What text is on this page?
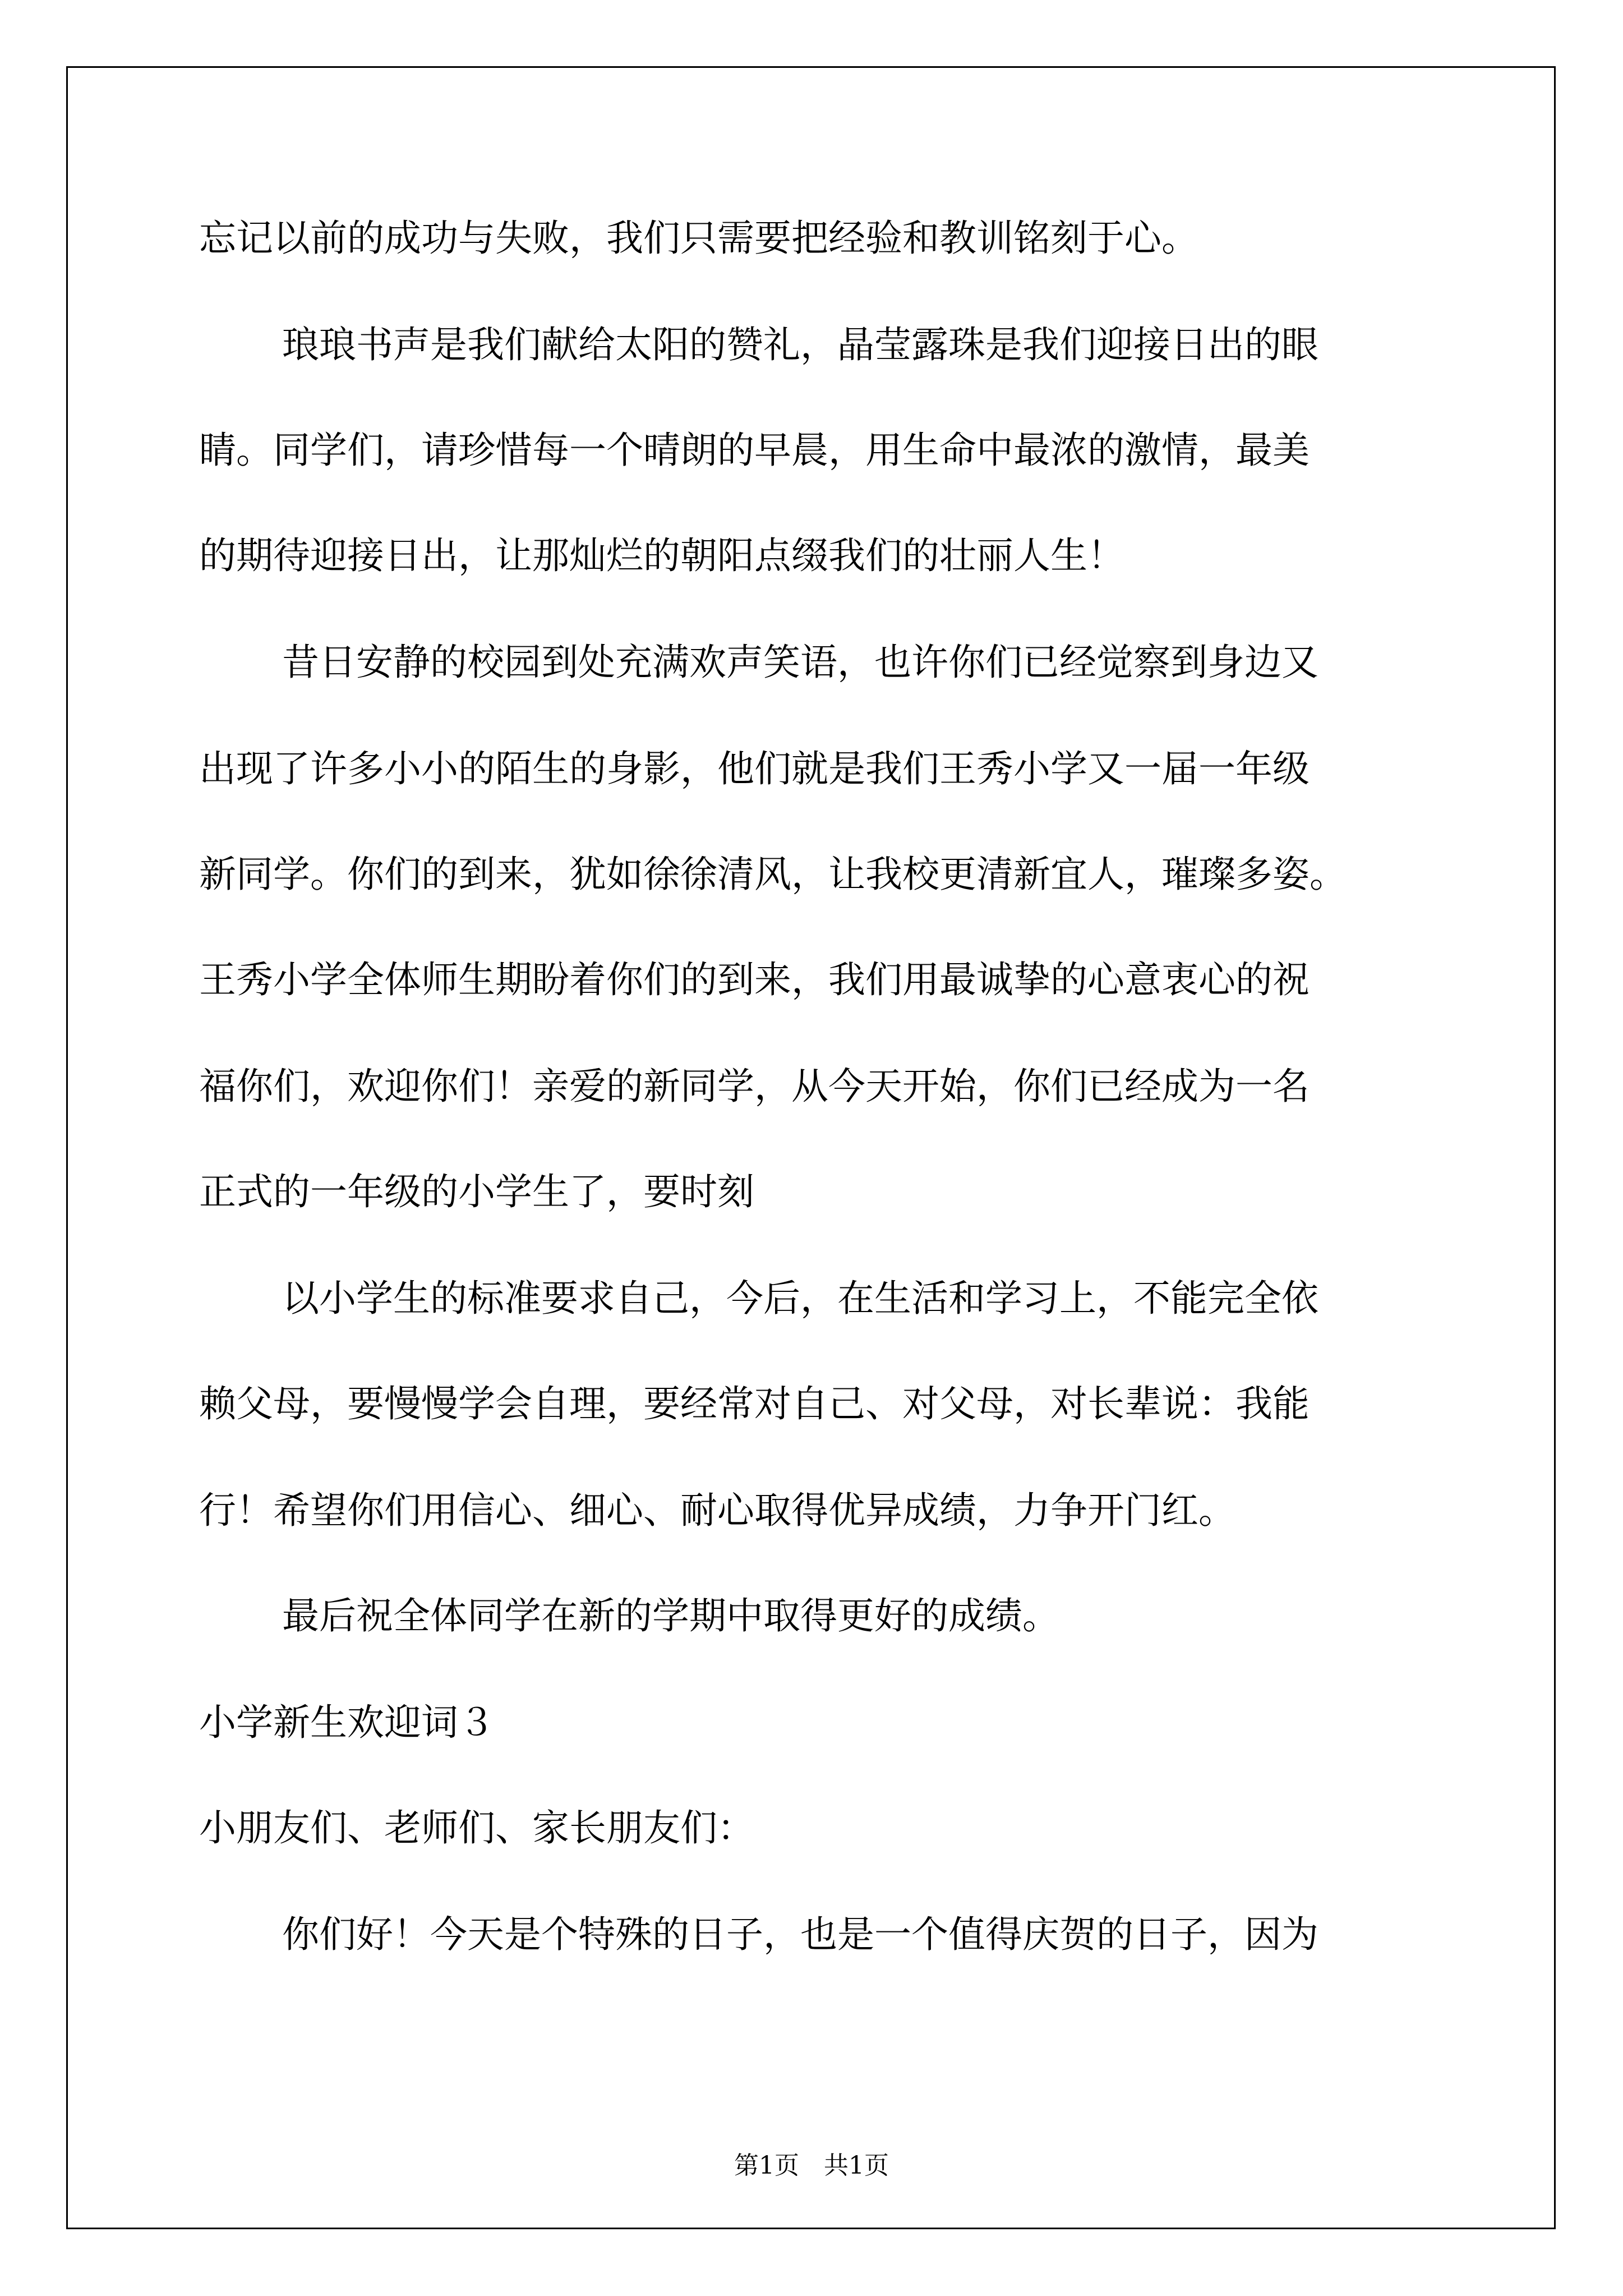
忘记以前的成功与失败，我们只需要把经验和教训铭刻于心。
琅琅书声是我们献给太阳的赞礼，晶莹露珠是我们迎接日出的眼
睛。同学们，请珍惜每一个晴朗的早晨，用生命中最浓的激情，最美
的期待迎接日出，让那灿烂的朝阳点缀我们的壮丽人生！
昔日安静的校园到处充满欢声笑语，也许你们已经觉察到身边又
出现了许多小小的陌生的身影，他们就是我们王秀小学又一届一年级
新同学。你们的到来，犹如徐徐清风，让我校更清新宜人，璀璨多姿。
王秀小学全体师生期盼着你们的到来，我们用最诚挚的心意衷心的祝
福你们，欢迎你们！亲爱的新同学，从今天开始，你们已经成为一名
正式的一年级的小学生了，要时刻
以小学生的标准要求自己，今后，在生活和学习上，不能完全依
赖父母，要慢慢学会自理，要经常对自己、对父母，对长辈说：我能
行！希望你们用信心、细心、耐心取得优异成绩，力争开门红。
最后祝全体同学在新的学期中取得更好的成绩。
小学新生欢迎词３
小朋友们、老师们、家长朋友们：
你们好！今天是个特殊的日子，也是一个值得庆贺的日子，因为
第1页　共1页
